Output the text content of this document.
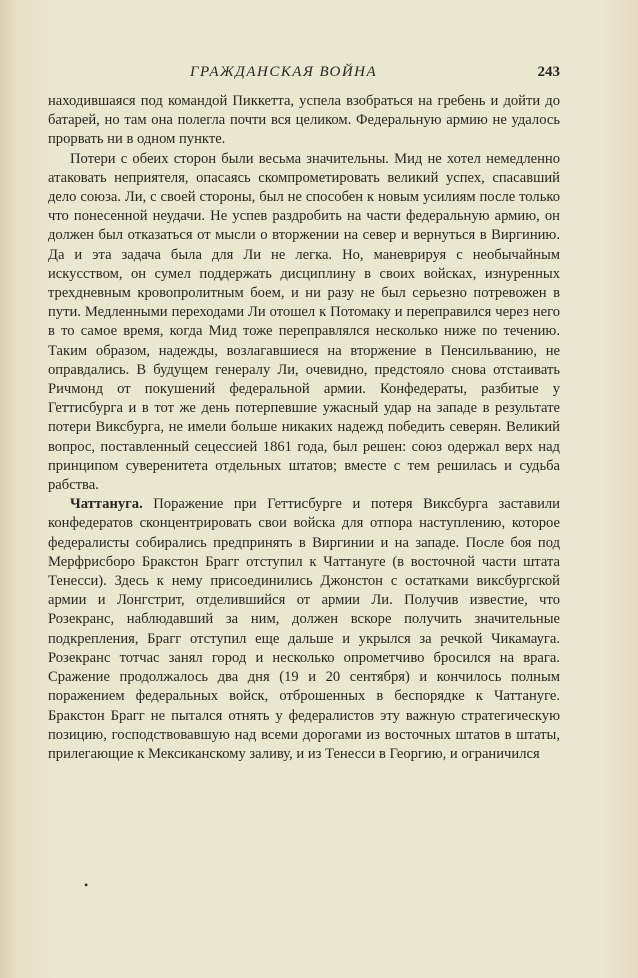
ГРАЖДАНСКАЯ ВОЙНА	243

находившаяся под командой Пиккетта, успела взобраться на гребень и дойти до батарей, но там она полегла почти вся целиком. Федеральную армию не удалось прорвать ни в одном пункте.

Потери с обеих сторон были весьма значительны. Мид не хотел немедленно атаковать неприятеля, опасаясь скомпрометировать великий успех, спасавший дело союза. Ли, с своей стороны, был не способен к новым усилиям после только что понесенной неудачи. Не успев раздробить на части федеральную армию, он должен был отказаться от мысли о вторжении на север и вернуться в Виргинию. Да и эта задача была для Ли не легка. Но, маневрируя с необычайным искусством, он сумел поддержать дисциплину в своих войсках, изнуренных трехдневным кровопролитным боем, и ни разу не был серьезно потревожен в пути. Медленными переходами Ли отошел к Потомаку и переправился через него в то самое время, когда Мид тоже переправлялся несколько ниже по течению. Таким образом, надежды, возлагавшиеся на вторжение в Пенсильванию, не оправдались. В будущем генералу Ли, очевидно, предстояло снова отстаивать Ричмонд от покушений федеральной армии. Конфедераты, разбитые у Геттисбурга и в тот же день потерпевшие ужасный удар на западе в результате потери Виксбурга, не имели больше никаких надежд победить северян. Великий вопрос, поставленный сецессией 1861 года, был решен: союз одержал верх над принципом суверенитета отдельных штатов; вместе с тем решилась и судьба рабства.

Чаттануга. Поражение при Геттисбурге и потеря Виксбурга заставили конфедератов сконцентрировать свои войска для отпора наступлению, которое федералисты собирались предпринять в Виргинии и на западе. После боя под Мерфрисборо Бракстон Брагг отступил к Чаттануге (в восточной части штата Тенесси). Здесь к нему присоединились Джонстон с остатками виксбургской армии и Лонгстрит, отделившийся от армии Ли. Получив известие, что Розекранс, наблюдавший за ним, должен вскоре получить значительные подкрепления, Брагг отступил еще дальше и укрылся за речкой Чикамауга. Розекранс тотчас занял город и несколько опрометчиво бросился на врага. Сражение продолжалось два дня (19 и 20 сентября) и кончилось полным поражением федеральных войск, отброшенных в беспорядке к Чаттануге. Бракстон Брагг не пытался отнять у федералистов эту важную стратегическую позицию, господствовавшую над всеми дорогами из восточных штатов в штаты, прилегающие к Мексиканскому заливу, и из Тенесси в Георгию, и ограничился

•
